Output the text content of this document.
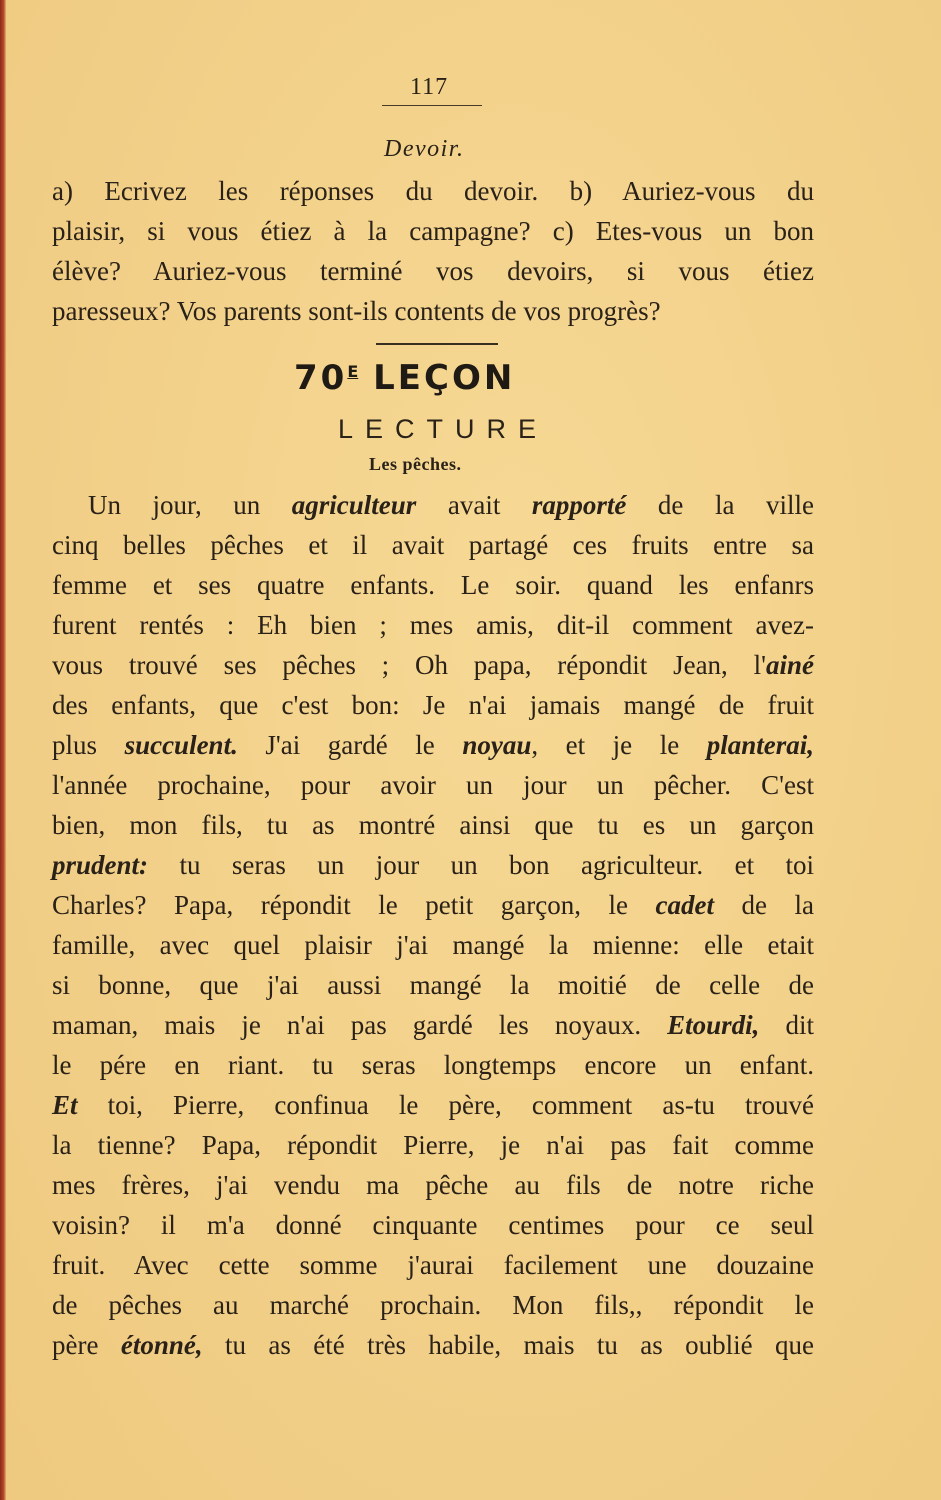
117
Devoir.
a) Ecrivez les réponses du devoir. b) Auriez-vous du
plaisir, si vous étiez à la campagne? c) Etes-vous un bon
élève? Auriez-vous terminé vos devoirs, si vous étiez
paresseux? Vos parents sont-ils contents de vos progrès?
$70^E$ LEÇON
LECTURE
Les pêches.
Un jour, un agriculteur avait rapporté de la ville
cinq belles pêches et il avait partagé ces fruits entre sa
femme et ses quatre enfants. Le soir. quand les enfanrs
furent rentés : Eh bien ; mes amis, dit-il comment avez-
vous trouvé ses pêches ; Oh papa, répondit Jean, l'ainé
des enfants, que c'est bon: Je n'ai jamais mangé de fruit
plus succulent. J'ai gardé le noyau, et je le planterai,
l'année prochaine, pour avoir un jour un pêcher. C'est
bien, mon fils, tu as montré ainsi que tu es un garçon
prudent: tu seras un jour un bon agriculteur. et toi
Charles? Papa, répondit le petit garçon, le cadet de la
famille, avec quel plaisir j'ai mangé la mienne: elle etait
si bonne, que j'ai aussi mangé la moitié de celle de
maman, mais je n'ai pas gardé les noyaux. Etourdi, dit
le pére en riant. tu seras longtemps encore un enfant.
Et toi, Pierre, confinua le père, comment as-tu trouvé
la tienne? Papa, répondit Pierre, je n'ai pas fait comme
mes frères, j'ai vendu ma pêche au fils de notre riche
voisin? il m'a donné cinquante centimes pour ce seul
fruit. Avec cette somme j'aurai facilement une douzaine
de pêches au marché prochain. Mon fils,, répondit le
père étonné, tu as été très habile, mais tu as oublié que
